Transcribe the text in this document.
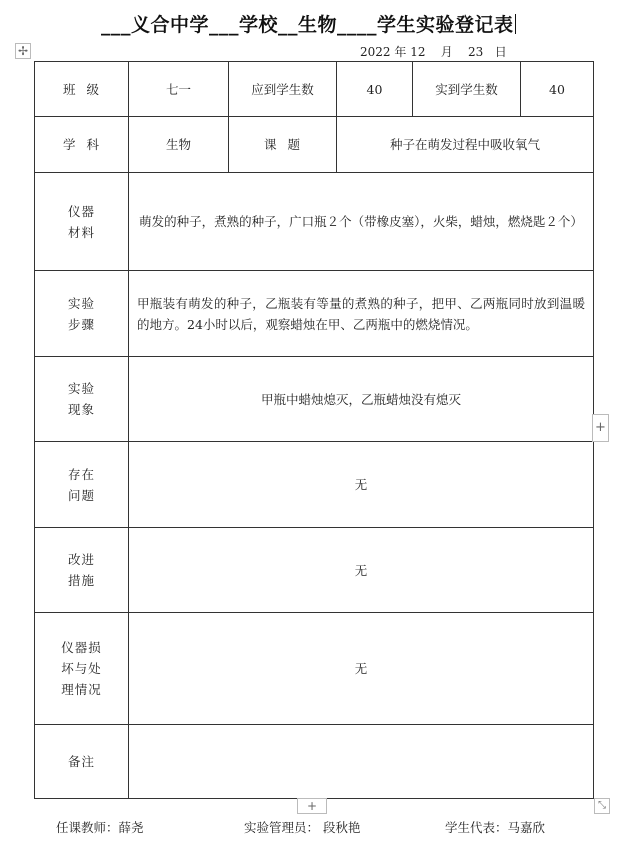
___义合中学___学校__生物____学生实验登记表
✢	2022 年 12 月 23 日
班  级	七一	应到学生数	40	实到学生数	40
学  科	生物	课  题	种子在萌发过程中吸收氧气		

仪器
材料	萌发的种子，煮熟的种子，广口瓶２个（带橡皮塞），火柴，蜡烛，燃烧匙２个）				

实验
步骤	甲瓶装有萌发的种子，乙瓶装有等量的煮熟的种子，把甲、乙两瓶同时放到温暖的地方。24小时以后，观察蜡烛在甲、乙两瓶中的燃烧情况。				

实验
现象	甲瓶中蜡烛熄灭，乙瓶蜡烛没有熄灭				

存在
问题	无				

改进
措施	无				

仪器损
坏与处
理情况	无				
备注					
+
+	⤡
任课教师：薛尧	实验管理员： 段秋艳	学生代表：马嘉欣
